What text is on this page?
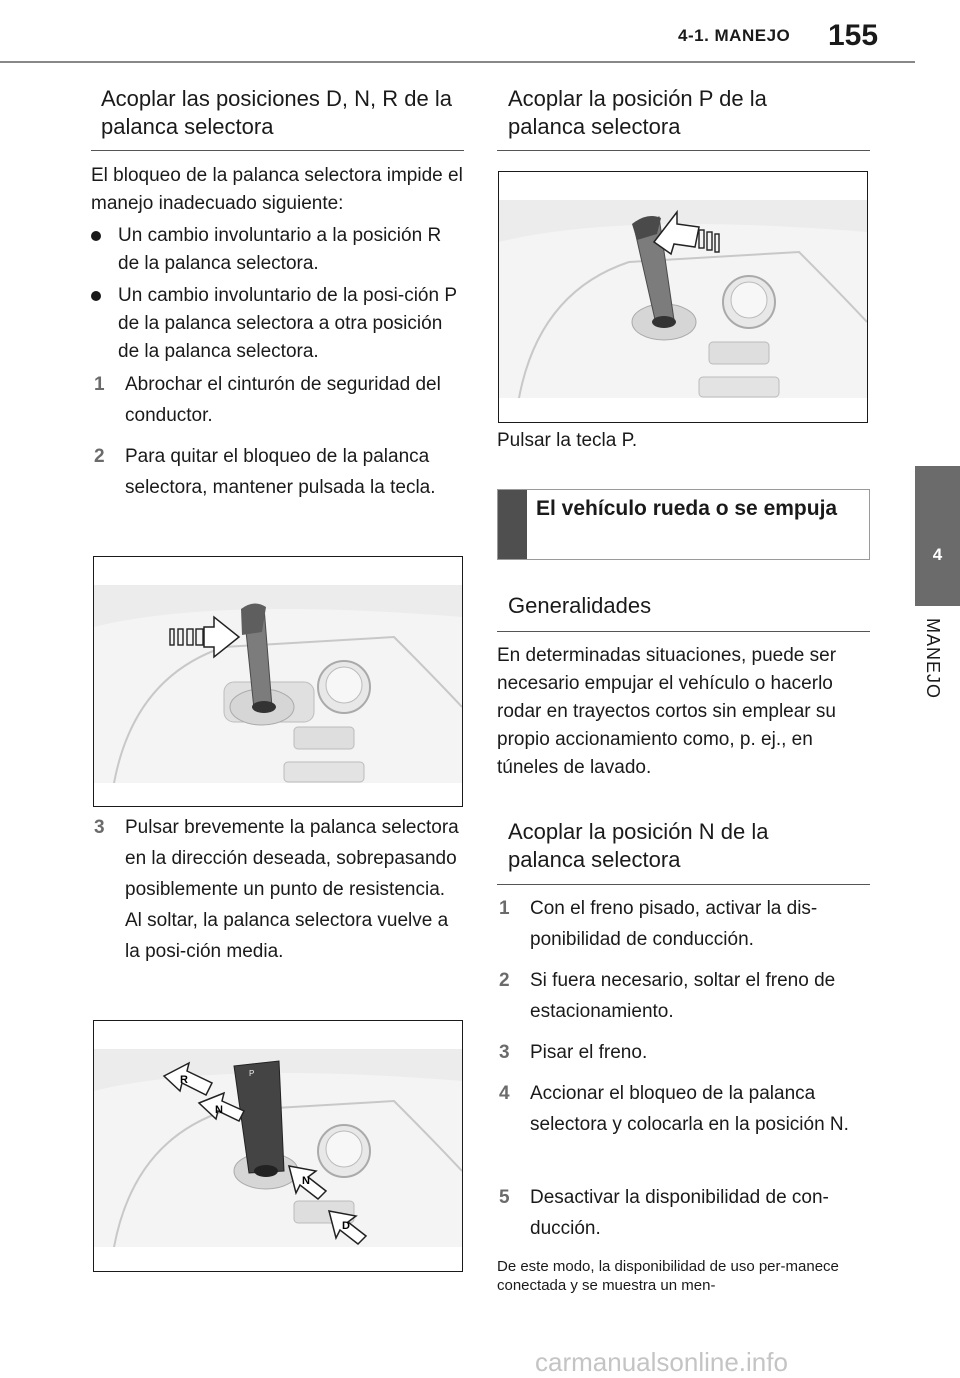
4-1. MANEJO 155
4
MANEJO
Acoplar las posiciones D, N, R de la palanca selectora
El bloqueo de la palanca selectora impide el manejo inadecuado siguiente:
Un cambio involuntario a la posición R de la palanca selectora.
Un cambio involuntario de la posi-ción P de la palanca selectora a otra posición de la palanca selectora.
1 Abrochar el cinturón de seguridad del conductor.
2 Para quitar el bloqueo de la palanca selectora, mantener pulsada la tecla.
3 Pulsar brevemente la palanca selectora en la dirección deseada, sobrepasando posiblemente un punto de resistencia. Al soltar, la palanca selectora vuelve a la posi-ción media.
R
N
N
D
P
Acoplar la posición P de la palanca selectora
Pulsar la tecla P.
El vehículo rueda o se empuja
Generalidades
En determinadas situaciones, puede ser necesario empujar el vehículo o hacerlo rodar en trayectos cortos sin emplear su propio accionamiento como, p. ej., en túneles de lavado.
Acoplar la posición N de la palanca selectora
1 Con el freno pisado, activar la dis-ponibilidad de conducción.
2 Si fuera necesario, soltar el freno de estacionamiento.
3 Pisar el freno.
4 Accionar el bloqueo de la palanca selectora y colocarla en la posición N.
5 Desactivar la disponibilidad de con-ducción.
De este modo, la disponibilidad de uso per-manece conectada y se muestra un men-
carmanualsonline.info
